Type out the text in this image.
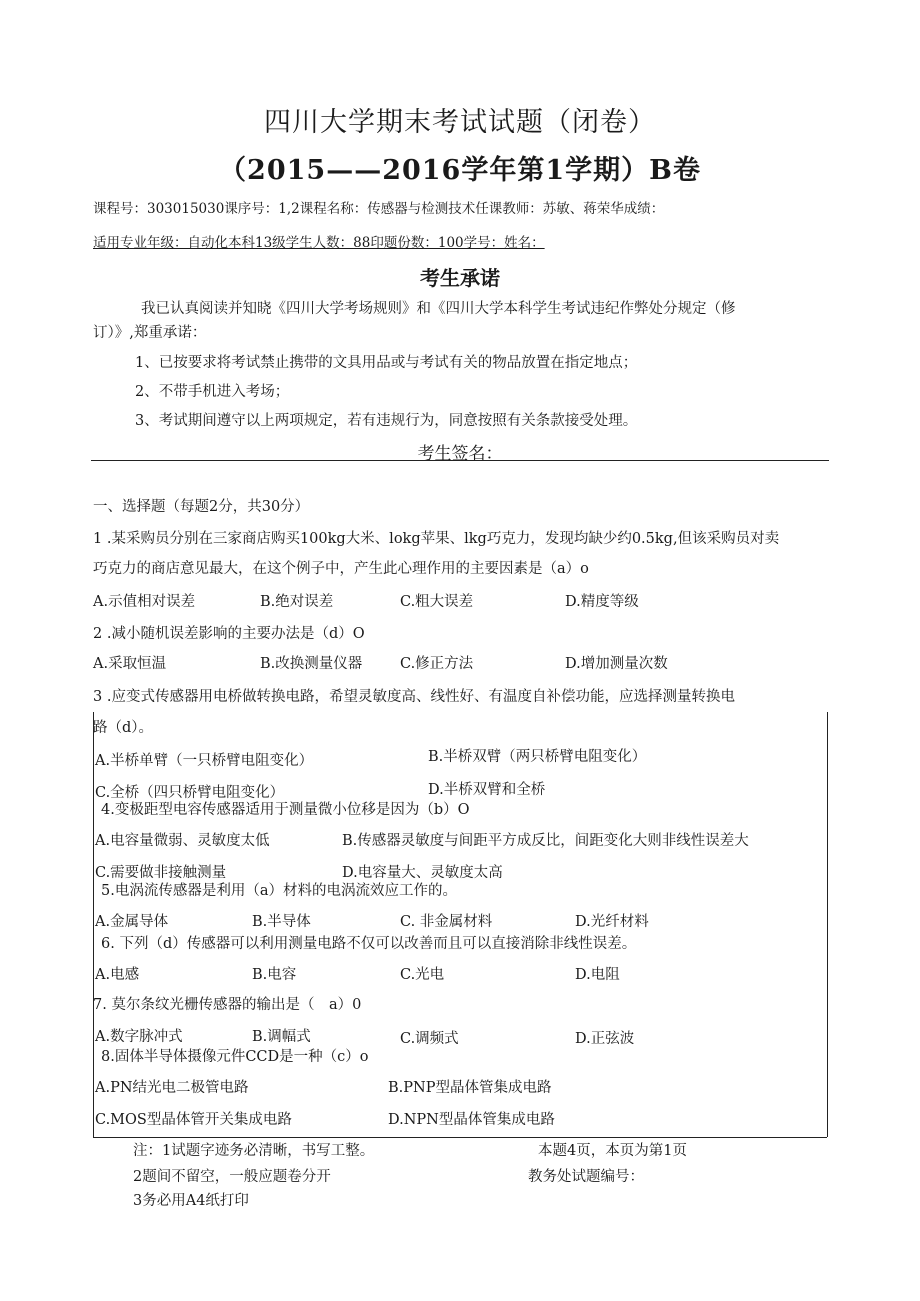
四川大学期末考试试题（闭卷）
（2015——2016学年第1学期）B卷
课程号：303015030课序号：1,2课程名称：传感器与检测技术任课教师：苏敏、蒋荣华成绩：
适用专业年级：自动化本科13级学生人数：88印题份数：100学号：姓名：
考生承诺
我已认真阅读并知晓《四川大学考场规则》和《四川大学本科学生考试违纪作弊处分规定（修
订）》,郑重承诺：
1、已按要求将考试禁止携带的文具用品或与考试有关的物品放置在指定地点；
2、不带手机进入考场；
3、考试期间遵守以上两项规定，若有违规行为，同意按照有关条款接受处理。
考生签名：
一、选择题（每题2分，共30分）
1 .某采购员分别在三家商店购买100kg大米、lokg苹果、lkg巧克力，发现均缺少约0.5kg,但该采购员对卖
巧克力的商店意见最大，在这个例子中，产生此心理作用的主要因素是（a）o
A.示值相对误差	B.绝对误差	C.粗大误差	D.精度等级
2 .减小随机误差影响的主要办法是（d）O
A.采取恒温	B.改换测量仪器	C.修正方法	D.增加测量次数
3 .应变式传感器用电桥做转换电路，希望灵敏度高、线性好、有温度自补偿功能，应选择测量转换电
路（d）。
A.半桥单臂（一只桥臂电阻变化）	B.半桥双臂（两只桥臂电阻变化）
C.全桥（四只桥臂电阻变化）	D.半桥双臂和全桥
4.变极距型电容传感器适用于测量微小位移是因为（b）O
A.电容量微弱、灵敏度太低	B.传感器灵敏度与间距平方成反比，间距变化大则非线性误差大
C.需要做非接触测量	D.电容量大、灵敏度太高
5.电涡流传感器是利用（a）材料的电涡流效应工作的。
A.金属导体	B.半导体	C. 非金属材料	D.光纤材料
6. 下列（d）传感器可以利用测量电路不仅可以改善而且可以直接消除非线性误差。
A.电感	B.电容	C.光电	D.电阻
7. 莫尔条纹光栅传感器的输出是（　a）0
A.数字脉冲式	B.调幅式	C.调频式	D.正弦波
8.固体半导体摄像元件CCD是一种（c）o
A.PN结光电二极管电路	B.PNP型晶体管集成电路
C.MOS型晶体管开关集成电路	D.NPN型晶体管集成电路
注：1试题字迹务必清晰，书写工整。	本题4页，本页为第1页
2题间不留空，一般应题卷分开	教务处试题编号：
3务必用A4纸打印
